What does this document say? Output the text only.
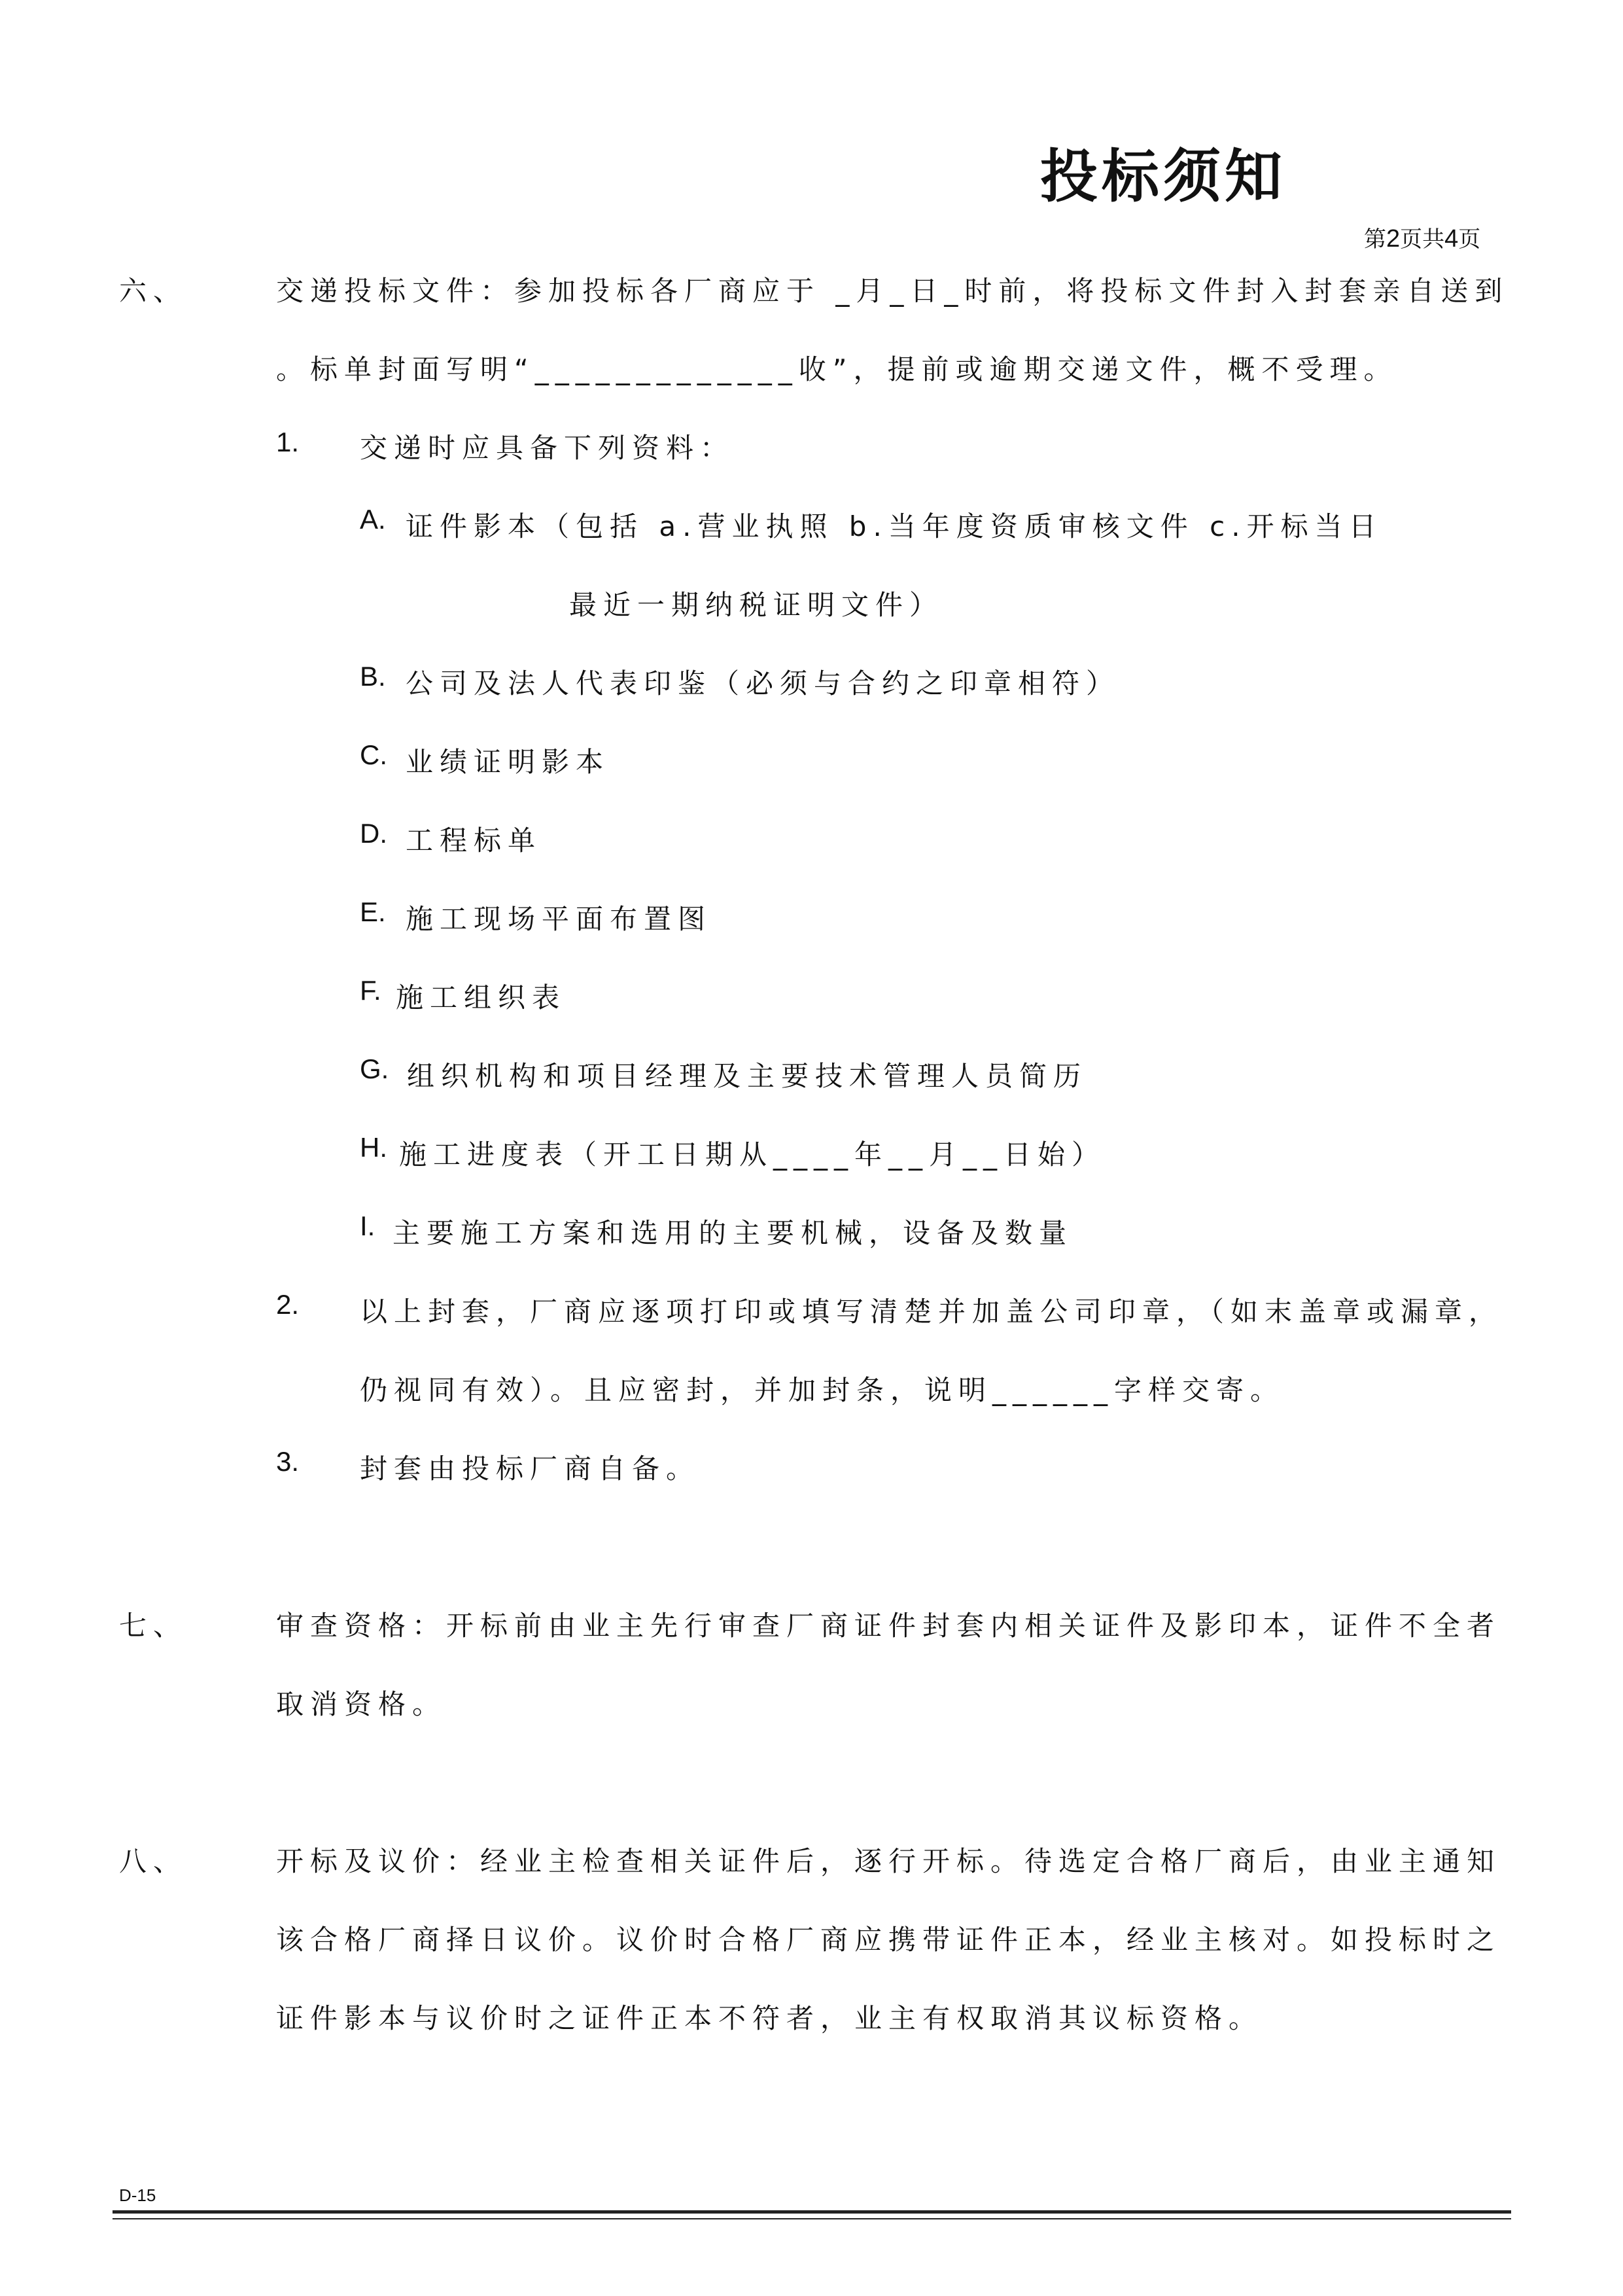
投标须知
第2页共4页
六、	交递投标文件：参加投标各厂商应于 _月_日_时前，将投标文件封入封套亲自送到
。标单封面写明“_____________收”，提前或逾期交递文件，概不受理。
1. 交递时应具备下列资料：
A. 证件影本（包括 a.营业执照 b.当年度资质审核文件 c.开标当日
最近一期纳税证明文件）
B. 公司及法人代表印鉴（必须与合约之印章相符）
C. 业绩证明影本
D. 工程标单
E. 施工现场平面布置图
F. 施工组织表
G. 组织机构和项目经理及主要技术管理人员简历
H. 施工进度表（开工日期从____年__月__日始）
I. 主要施工方案和选用的主要机械，设备及数量
2. 以上封套，厂商应逐项打印或填写清楚并加盖公司印章，（如末盖章或漏章，
仍视同有效）。且应密封，并加封条，说明______字样交寄。
3. 封套由投标厂商自备。
七、	审查资格：开标前由业主先行审查厂商证件封套内相关证件及影印本，证件不全者
取消资格。
八、	开标及议价：经业主检查相关证件后，逐行开标。待选定合格厂商后，由业主通知
该合格厂商择日议价。议价时合格厂商应携带证件正本，经业主核对。如投标时之
证件影本与议价时之证件正本不符者，业主有权取消其议标资格。
D-15
